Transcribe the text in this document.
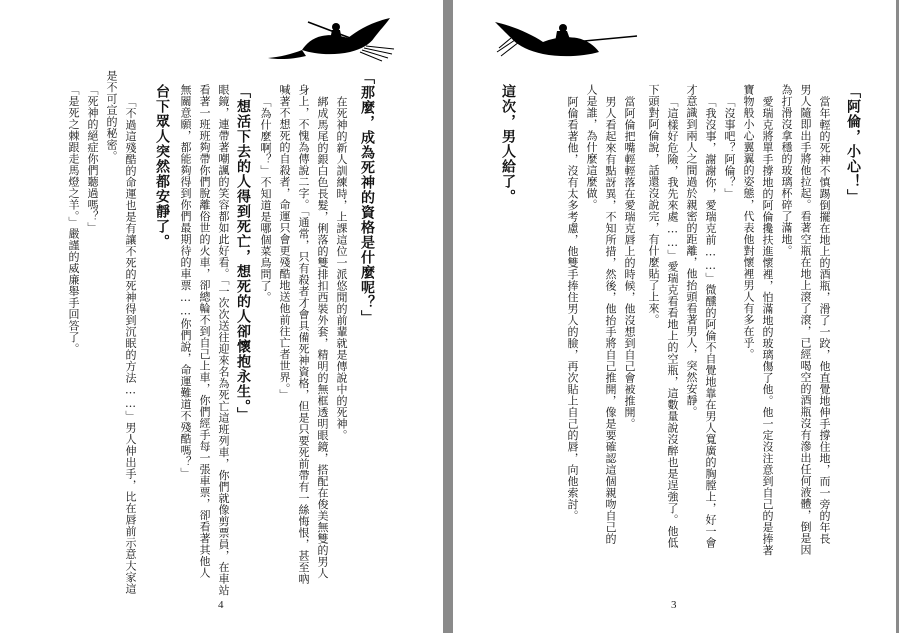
「那麼，成為死神的資格是什麼呢？」
在死神的新人訓練時，上課這位一派悠閒的前輩就是傳說中的死神。
綁成馬尾的銀白色長髮，俐落的雙排扣西裝外套，精明的無框透明眼鏡，搭配在俊美無雙的男人
身上，不愧為傳說二字。「通常，只有殺者才會具備死神資格，但是只要死前帶有一絲悔恨，甚至吶
喊著不想死的自殺者，命運只會更殘酷地送他前往亡者世界。」
「為什麼啊？」不知道是哪個菜鳥問了。
「想活下去的人得到死亡，想死的人卻懷抱永生。」
眼鏡，連帶著嘲諷的笑容都如此好看。「一次次送往迎來名為死亡這班列車，你們就像剪票員，在車站
看著一班班夠帶你們脫離俗世的火車，卻總輪不到自己上車，你們經手每一張車票，卻看著其他人
無關意願，都能夠得到你們最期待的車票……你們說，命運難道不殘酷嗎？」
台下眾人突然都安靜了。
「不過這殘酷的命運也是有讓不死的死神得到沉眠的方法……」男人伸出手，比在唇前示意大家這
是不可宣的秘密。
「死神的絕症你們聽過嗎？」
「是死之棘跟走馬燈之羊。」嚴謹的威廉舉手回答了。
4
「阿倫，小心！」
當年輕的死神不慎踢倒擺在地上的酒瓶，滑了一跤，他直覺地伸手撐住地，而一旁的年長
男人隨即出手將他拉起。看著空瓶在地上滾了滾，已經喝空的酒瓶沒有滲出任何液體，倒是因
為打滑沒拿穩的玻璃杯碎了滿地。
愛瑞克將單手撐地的阿倫攙扶進懷裡，怕滿地的玻璃傷了他。他一定沒注意到自己的是捧著
寶物般小心翼翼的姿態，代表他對懷裡男人有多在乎。
「沒事吧？阿倫？」
「我沒事，謝謝你，愛瑞克前……」微醺的阿倫不自覺地靠在男人寬廣的胸膛上，好一會
才意識到兩人之間過於親密的距離，他抬頭看著男人，突然安靜。
「這樣好危險，我先來處……」愛瑞克看看地上的空瓶，這數量說沒醉也是逞強了。他低
下頭對阿倫說，話還沒說完，有什麼貼了上來。
當阿倫把嘴輕輕落在愛瑞克唇上的時候，他沒想到自己會被推開。
男人看起來有點訝異，不知所措，然後，他抬手將自己推開，像是要確認這個親吻自己的
人是誰，為什麼這麼做。
阿倫看著他，沒有太多考慮，他雙手捧住男人的臉，再次貼上自己的唇，向他索討。
這次，男人給了。
3
